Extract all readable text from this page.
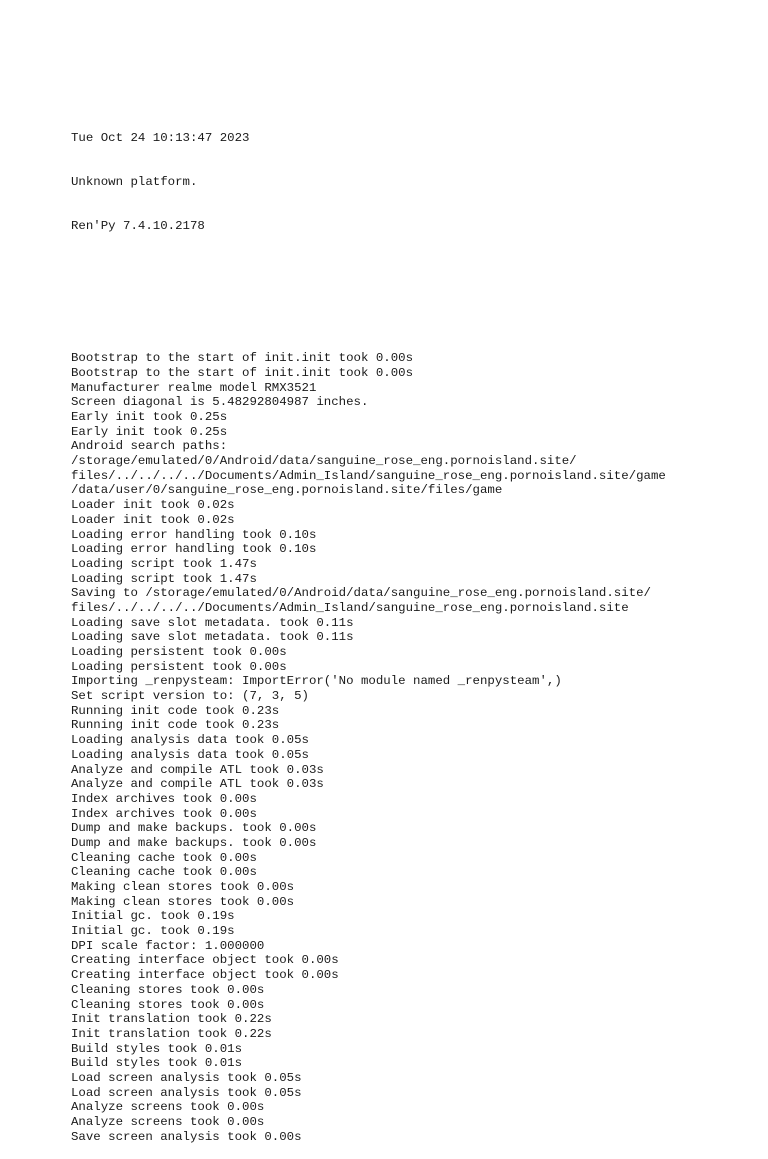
Tue Oct 24 10:13:47 2023

Unknown platform.

Ren'Py 7.4.10.2178

Bootstrap to the start of init.init took 0.00s
Bootstrap to the start of init.init took 0.00s
Manufacturer realme model RMX3521
Screen diagonal is 5.48292804987 inches.
Early init took 0.25s
Early init took 0.25s
Android search paths:
/storage/emulated/0/Android/data/sanguine_rose_eng.pornoisland.site/
files/../../../../Documents/Admin_Island/sanguine_rose_eng.pornoisland.site/game
/data/user/0/sanguine_rose_eng.pornoisland.site/files/game
Loader init took 0.02s
Loader init took 0.02s
Loading error handling took 0.10s
Loading error handling took 0.10s
Loading script took 1.47s
Loading script took 1.47s
Saving to /storage/emulated/0/Android/data/sanguine_rose_eng.pornoisland.site/
files/../../../../Documents/Admin_Island/sanguine_rose_eng.pornoisland.site
Loading save slot metadata. took 0.11s
Loading save slot metadata. took 0.11s
Loading persistent took 0.00s
Loading persistent took 0.00s
Importing _renpysteam: ImportError('No module named _renpysteam',)
Set script version to: (7, 3, 5)
Running init code took 0.23s
Running init code took 0.23s
Loading analysis data took 0.05s
Loading analysis data took 0.05s
Analyze and compile ATL took 0.03s
Analyze and compile ATL took 0.03s
Index archives took 0.00s
Index archives took 0.00s
Dump and make backups. took 0.00s
Dump and make backups. took 0.00s
Cleaning cache took 0.00s
Cleaning cache took 0.00s
Making clean stores took 0.00s
Making clean stores took 0.00s
Initial gc. took 0.19s
Initial gc. took 0.19s
DPI scale factor: 1.000000
Creating interface object took 0.00s
Creating interface object took 0.00s
Cleaning stores took 0.00s
Cleaning stores took 0.00s
Init translation took 0.22s
Init translation took 0.22s
Build styles took 0.01s
Build styles took 0.01s
Load screen analysis took 0.05s
Load screen analysis took 0.05s
Analyze screens took 0.00s
Analyze screens took 0.00s
Save screen analysis took 0.00s
